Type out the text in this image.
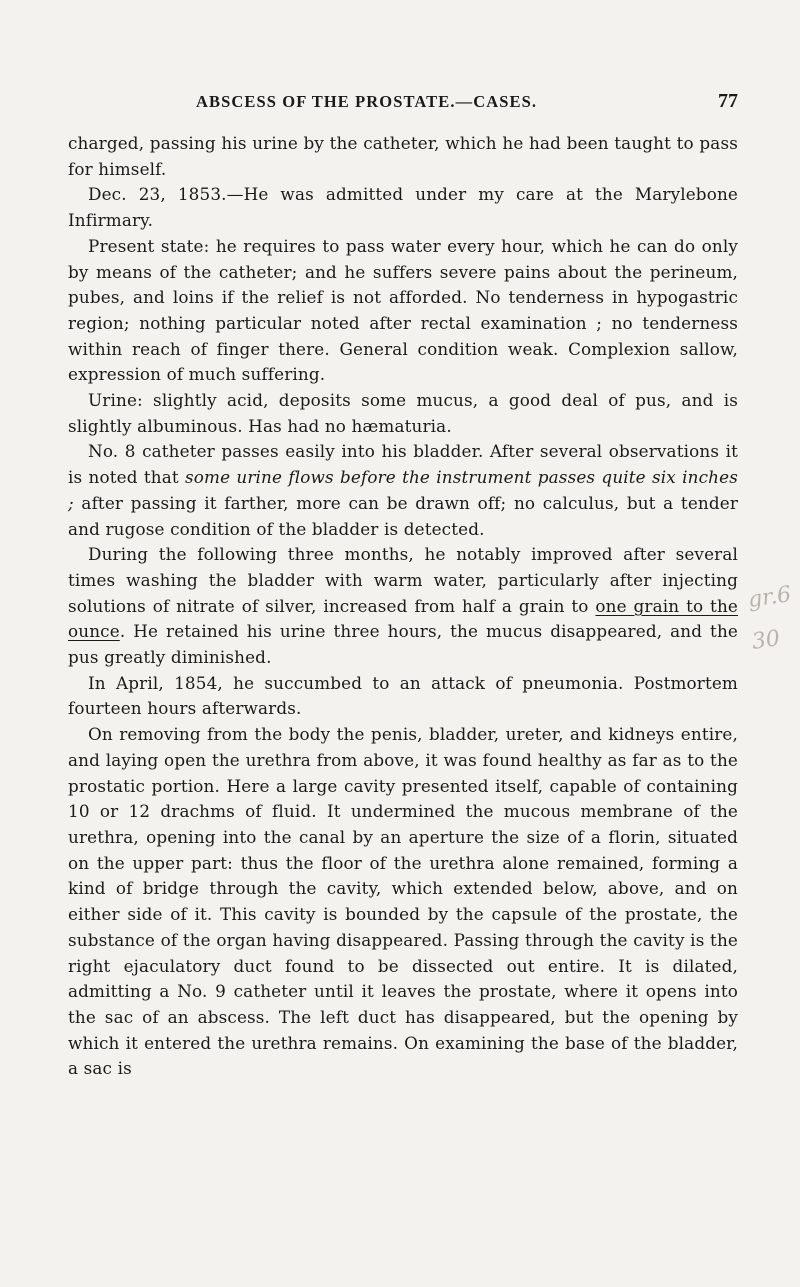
ABSCESS OF THE PROSTATE.—CASES.	77

charged, passing his urine by the catheter, which he had been taught to pass for himself.

Dec. 23, 1853.—He was admitted under my care at the Marylebone Infirmary.

Present state: he requires to pass water every hour, which he can do only by means of the catheter; and he suffers severe pains about the perineum, pubes, and loins if the relief is not afforded. No tenderness in hypogastric region; nothing particular noted after rectal examination ; no tenderness within reach of finger there. General condition weak. Complexion sallow, expression of much suffering.

Urine: slightly acid, deposits some mucus, a good deal of pus, and is slightly albuminous. Has had no hæmaturia.

No. 8 catheter passes easily into his bladder. After several observations it is noted that some urine flows before the instrument passes quite six inches ; after passing it farther, more can be drawn off; no calculus, but a tender and rugose condition of the bladder is detected.

During the following three months, he notably improved after several times washing the bladder with warm water, particularly after injecting solutions of nitrate of silver, increased from half a grain to one grain to the ounce. He retained his urine three hours, the mucus disappeared, and the pus greatly diminished.

In April, 1854, he succumbed to an attack of pneumonia. Postmortem fourteen hours afterwards.

On removing from the body the penis, bladder, ureter, and kidneys entire, and laying open the urethra from above, it was found healthy as far as to the prostatic portion. Here a large cavity presented itself, capable of containing 10 or 12 drachms of fluid. It undermined the mucous membrane of the urethra, opening into the canal by an aperture the size of a florin, situated on the upper part: thus the floor of the urethra alone remained, forming a kind of bridge through the cavity, which extended below, above, and on either side of it. This cavity is bounded by the capsule of the prostate, the substance of the organ having disappeared. Passing through the cavity is the right ejaculatory duct found to be dissected out entire. It is dilated, admitting a No. 9 catheter until it leaves the prostate, where it opens into the sac of an abscess. The left duct has disappeared, but the opening by which it entered the urethra remains. On examining the base of the bladder, a sac is

gr.6
30
